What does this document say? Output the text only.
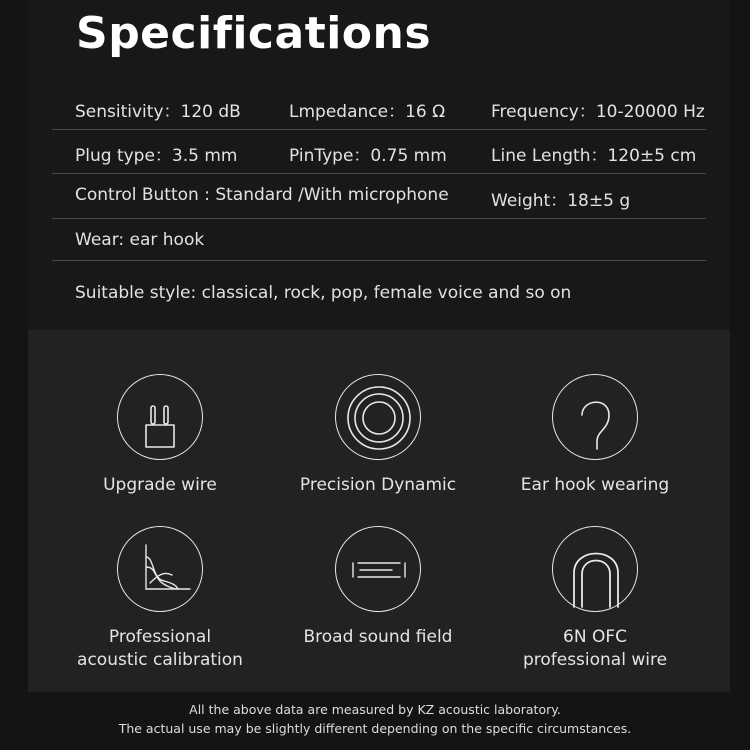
Specifications
Sensitivity：120 dB	Lmpedance：16 Ω	Frequency：10-20000 Hz
Plug type：3.5 mm	PinType：0.75 mm	Line Length：120±5 cm
Control Button : Standard /With microphone Weight：18±5 g
Wear: ear hook
Suitable style: classical, rock, pop, female voice and so on
Upgrade wire	Precision Dynamic	Ear hook wearing
Professional
acoustic calibration
Broad sound field	6N OFC
professional wire
All the above data are measured by KZ acoustic laboratory.
The actual use may be slightly different depending on the specific circumstances.
